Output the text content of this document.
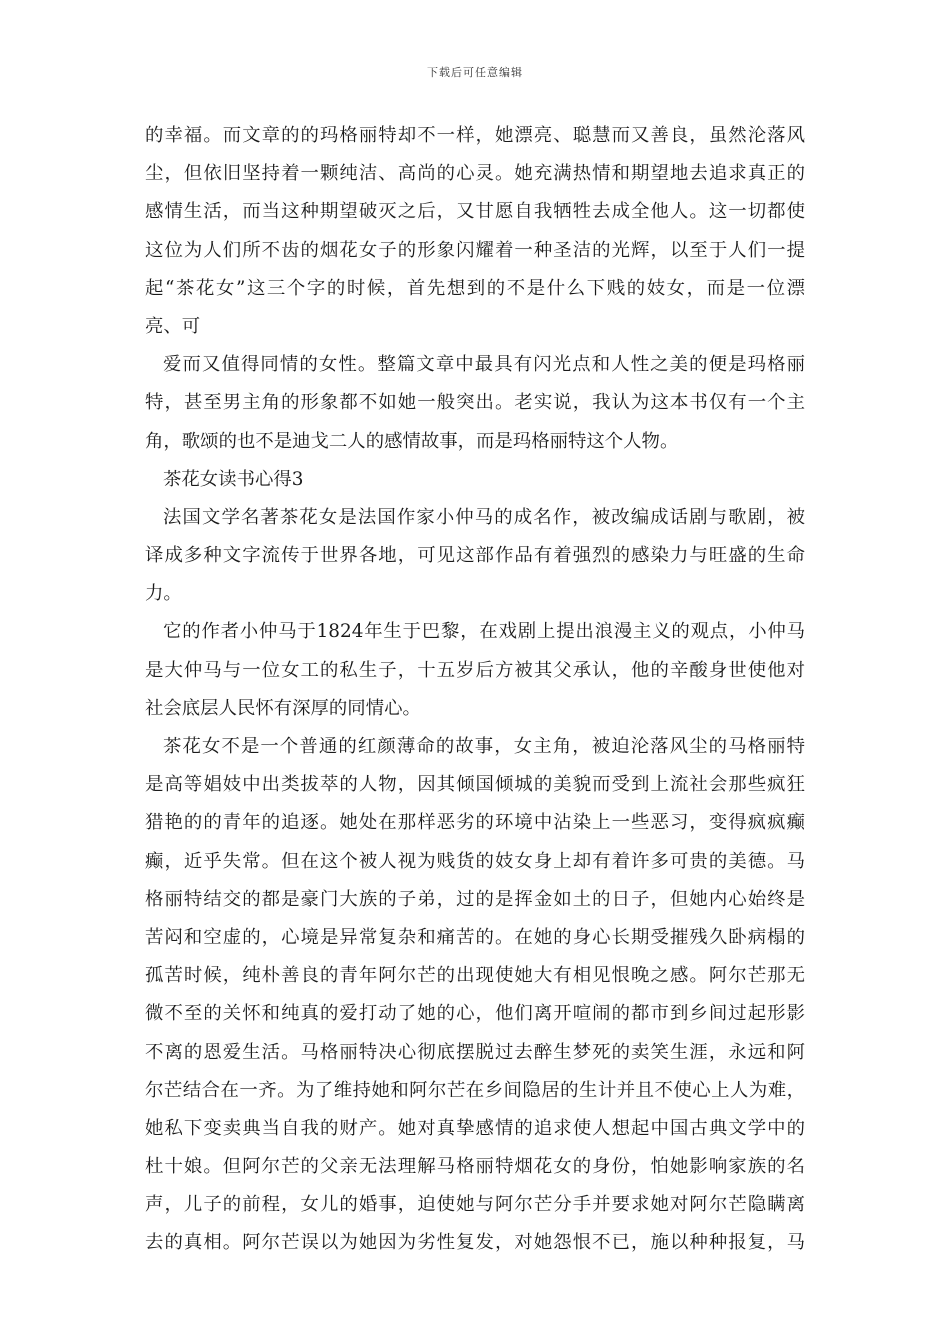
下载后可任意编辑
的幸福。而文章的的玛格丽特却不一样，她漂亮、聪慧而又善良，虽然沦落风
尘，但依旧坚持着一颗纯洁、高尚的心灵。她充满热情和期望地去追求真正的
感情生活，而当这种期望破灭之后，又甘愿自我牺牲去成全他人。这一切都使
这位为人们所不齿的烟花女子的形象闪耀着一种圣洁的光辉，以至于人们一提
起“茶花女”这三个字的时候，首先想到的不是什么下贱的妓女，而是一位漂
亮、可
爱而又值得同情的女性。整篇文章中最具有闪光点和人性之美的便是玛格丽
特，甚至男主角的形象都不如她一般突出。老实说，我认为这本书仅有一个主
角，歌颂的也不是迪戈二人的感情故事，而是玛格丽特这个人物。
茶花女读书心得3
法国文学名著茶花女是法国作家小仲马的成名作，被改编成话剧与歌剧，被
译成多种文字流传于世界各地，可见这部作品有着强烈的感染力与旺盛的生命
力。
它的作者小仲马于1824年生于巴黎，在戏剧上提出浪漫主义的观点，小仲马
是大仲马与一位女工的私生子，十五岁后方被其父承认，他的辛酸身世使他对
社会底层人民怀有深厚的同情心。
茶花女不是一个普通的红颜薄命的故事，女主角，被迫沦落风尘的马格丽特
是高等娼妓中出类拔萃的人物，因其倾国倾城的美貌而受到上流社会那些疯狂
猎艳的的青年的追逐。她处在那样恶劣的环境中沾染上一些恶习，变得疯疯癫
癫，近乎失常。但在这个被人视为贱货的妓女身上却有着许多可贵的美德。马
格丽特结交的都是豪门大族的子弟，过的是挥金如土的日子，但她内心始终是
苦闷和空虚的，心境是异常复杂和痛苦的。在她的身心长期受摧残久卧病榻的
孤苦时候，纯朴善良的青年阿尔芒的出现使她大有相见恨晚之感。阿尔芒那无
微不至的关怀和纯真的爱打动了她的心，他们离开喧闹的都市到乡间过起形影
不离的恩爱生活。马格丽特决心彻底摆脱过去醉生梦死的卖笑生涯，永远和阿
尔芒结合在一齐。为了维持她和阿尔芒在乡间隐居的生计并且不使心上人为难，
她私下变卖典当自我的财产。她对真挚感情的追求使人想起中国古典文学中的
杜十娘。但阿尔芒的父亲无法理解马格丽特烟花女的身份，怕她影响家族的名
声，儿子的前程，女儿的婚事，迫使她与阿尔芒分手并要求她对阿尔芒隐瞒离
去的真相。阿尔芒误以为她因为劣性复发，对她怨恨不已，施以种种报复，马
